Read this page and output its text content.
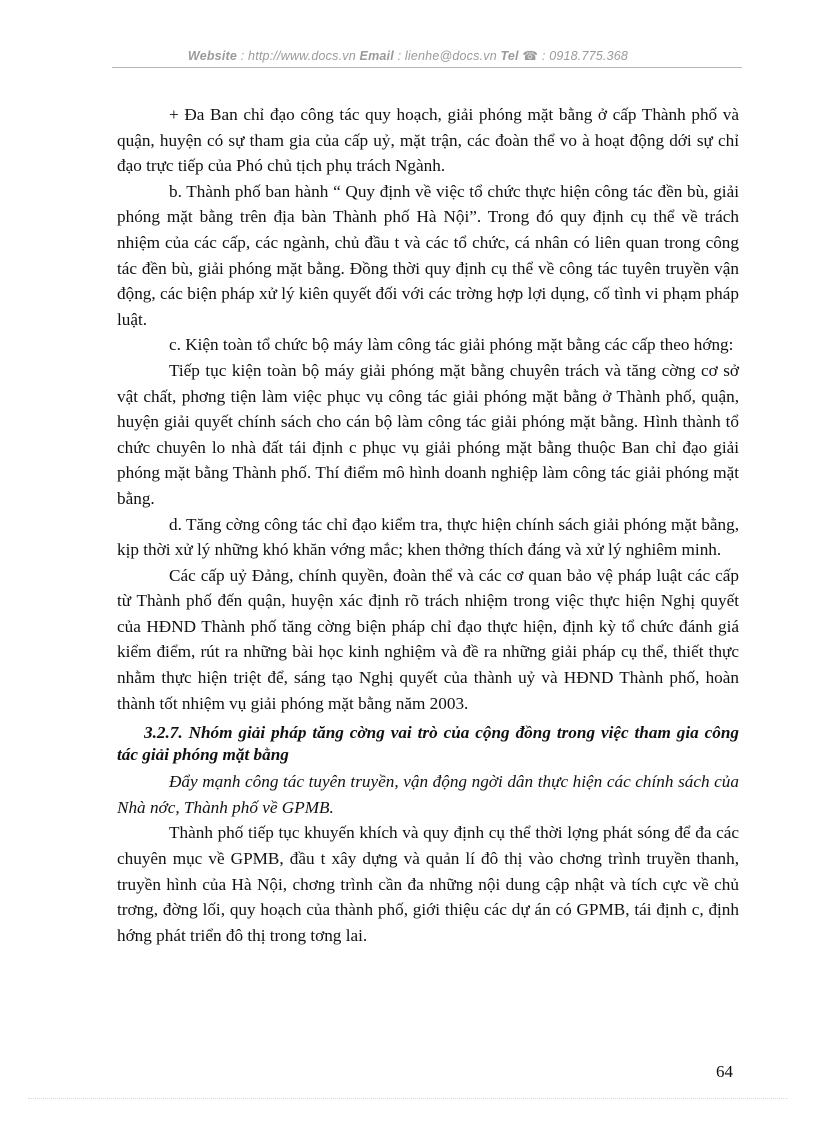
Website : http://www.docs.vn Email : lienhe@docs.vn Tel ☎ : 0918.775.368

+ Đa Ban chỉ đạo công tác quy hoạch, giải phóng mặt bằng ở cấp Thành phố và quận, huyện có sự tham gia của cấp uỷ, mặt trận, các đoàn thể vo à hoạt động dới sự chỉ đạo trực tiếp của Phó chủ tịch phụ trách Ngành.

b. Thành phố ban hành “ Quy định về việc tổ chức thực hiện công tác đền bù, giải phóng mặt bằng trên địa bàn Thành phố Hà Nội”. Trong đó quy định cụ thể về trách nhiệm của các cấp, các ngành, chủ đầu t và các tổ chức, cá nhân có liên quan trong công tác đền bù, giải phóng mặt bằng. Đồng thời quy định cụ thể về công tác tuyên truyền vận động, các biện pháp xử lý kiên quyết đối với các trờng hợp lợi dụng, cố tình vi phạm pháp luật.

c. Kiện toàn tổ chức bộ máy làm công tác giải phóng mặt bằng các cấp theo hớng:

Tiếp tục kiện toàn bộ máy giải phóng mặt bằng chuyên trách và tăng cờng cơ sở vật chất, phơng tiện làm việc phục vụ công tác giải phóng mặt bằng ở Thành phố, quận, huyện giải quyết chính sách cho cán bộ làm công tác giải phóng mặt bằng. Hình thành tổ chức chuyên lo nhà đất tái định c phục vụ giải phóng mặt bằng thuộc Ban chỉ đạo giải phóng mặt bằng Thành phố. Thí điểm mô hình doanh nghiệp làm công tác giải phóng mặt bằng.

d. Tăng cờng công tác chỉ đạo kiểm tra, thực hiện chính sách giải phóng mặt bằng, kịp thời xử lý những khó khăn vớng mắc; khen thởng thích đáng và xử lý nghiêm minh.

Các cấp uỷ Đảng, chính quyền, đoàn thể và các cơ quan bảo vệ pháp luật các cấp từ Thành phố đến quận, huyện xác định rõ trách nhiệm trong việc thực hiện Nghị quyết của HĐND Thành phố tăng cờng biện pháp chỉ đạo thực hiện, định kỳ tổ chức đánh giá kiểm điểm, rút ra những bài học kinh nghiệm và đề ra những giải pháp cụ thể, thiết thực nhằm thực hiện triệt để, sáng tạo Nghị quyết của thành uỷ và HĐND Thành phố, hoàn thành tốt nhiệm vụ giải phóng mặt bằng năm 2003.

3.2.7. Nhóm giải pháp tăng cờng vai trò của cộng đồng trong việc tham gia công tác giải phóng mặt bằng

Đẩy mạnh công tác tuyên truyền, vận động ngời dân thực hiện các chính sách của Nhà nớc, Thành phố về GPMB.

Thành phố tiếp tục khuyến khích và quy định cụ thể thời lợng phát sóng để đa các chuyên mục về GPMB, đầu t xây dựng và quản lí đô thị vào chơng trình truyền thanh, truyền hình của Hà Nội, chơng trình cần đa những nội dung cập nhật và tích cực về chủ trơng, đờng lối, quy hoạch của thành phố, giới thiệu các dự án có GPMB, tái định c, định hớng phát triển đô thị trong tơng lai.

64
